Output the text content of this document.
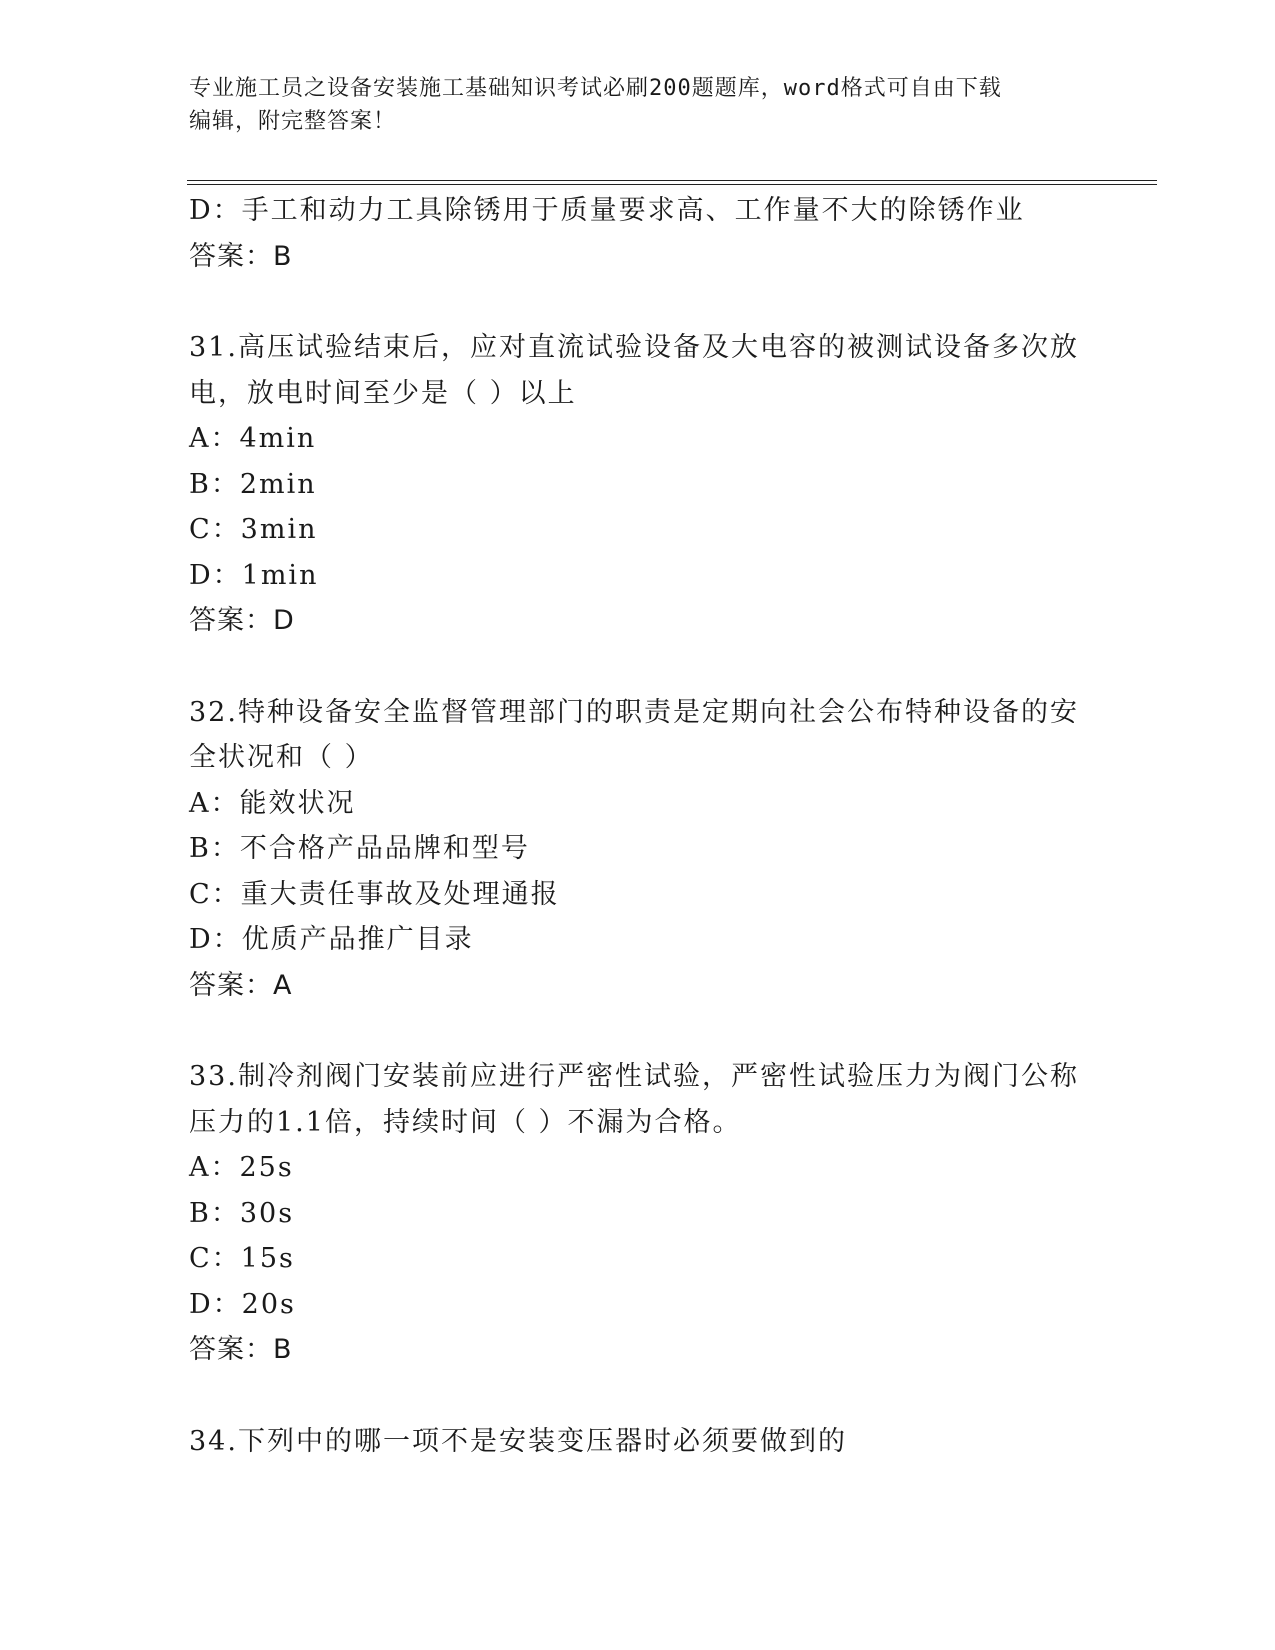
专业施工员之设备安装施工基础知识考试必刷200题题库，word格式可自由下载
编辑，附完整答案！
D：手工和动力工具除锈用于质量要求高、工作量不大的除锈作业
答案：B
31.高压试验结束后，应对直流试验设备及大电容的被测试设备多次放
电，放电时间至少是（ ）以上
A：4min
B：2min
C：3min
D：1min
答案：D
32.特种设备安全监督管理部门的职责是定期向社会公布特种设备的安
全状况和（ ）
A：能效状况
B：不合格产品品牌和型号
C：重大责任事故及处理通报
D：优质产品推广目录
答案：A
33.制冷剂阀门安装前应进行严密性试验，严密性试验压力为阀门公称
压力的1.1倍，持续时间（ ）不漏为合格。
A：25s
B：30s
C：15s
D：20s
答案：B
34.下列中的哪一项不是安装变压器时必须要做到的
